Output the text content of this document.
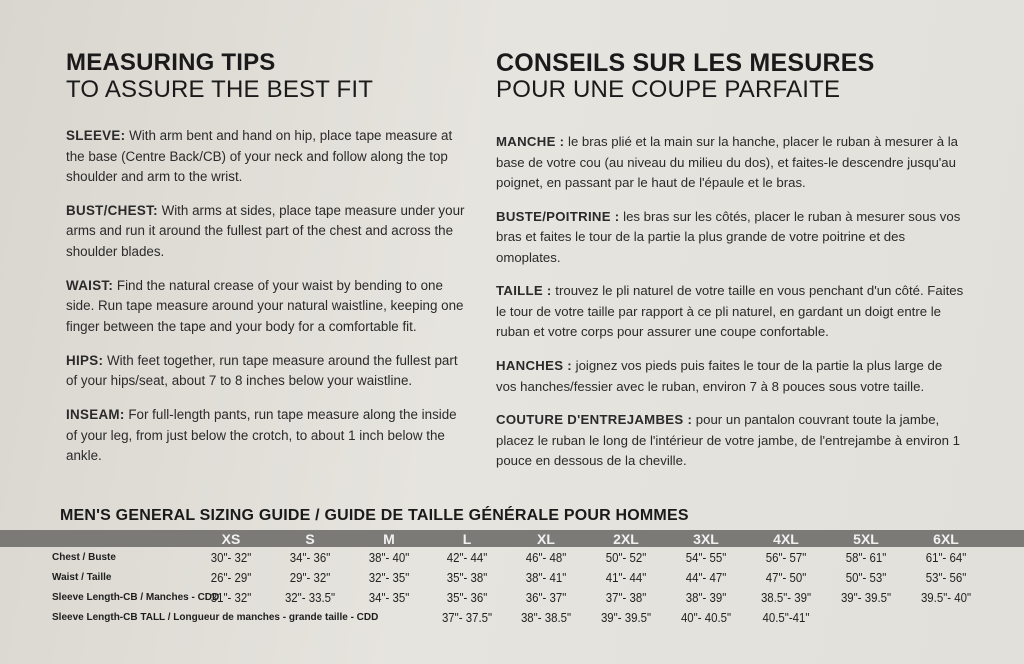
MEASURING TIPS
TO ASSURE THE BEST FIT

SLEEVE: With arm bent and hand on hip, place tape measure at the base (Centre Back/CB) of your neck and follow along the top shoulder and arm to the wrist.

BUST/CHEST: With arms at sides, place tape measure under your arms and run it around the fullest part of the chest and across the shoulder blades.

WAIST: Find the natural crease of your waist by bending to one side. Run tape measure around your natural waistline, keeping one finger between the tape and your body for a comfortable fit.

HIPS: With feet together, run tape measure around the fullest part of your hips/seat, about 7 to 8 inches below your waistline.

INSEAM: For full-length pants, run tape measure along the inside of your leg, from just below the crotch, to about 1 inch below the ankle.

CONSEILS SUR LES MESURES
POUR UNE COUPE PARFAITE

MANCHE : le bras plié et la main sur la hanche, placer le ruban à mesurer à la base de votre cou (au niveau du milieu du dos), et faites-le descendre jusqu'au poignet, en passant par le haut de l'épaule et le bras.

BUSTE/POITRINE : les bras sur les côtés, placer le ruban à mesurer sous vos bras et faites le tour de la partie la plus grande de votre poitrine et des omoplates.

TAILLE : trouvez le pli naturel de votre taille en vous penchant d'un côté. Faites le tour de votre taille par rapport à ce pli naturel, en gardant un doigt entre le ruban et votre corps pour assurer une coupe confortable.

HANCHES : joignez vos pieds puis faites le tour de la partie la plus large de vos hanches/fessier avec le ruban, environ 7 à 8 pouces sous votre taille.

COUTURE D'ENTREJAMBES : pour un pantalon couvrant toute la jambe, placez le ruban le long de l'intérieur de votre jambe, de l'entrejambe à environ 1 pouce en dessous de la cheville.

MEN'S GENERAL SIZING GUIDE / GUIDE DE TAILLE GÉNÉRALE POUR HOMMES
	XS	S	M	L	XL	2XL	3XL	4XL	5XL	6XL	
Chest / Buste	30"- 32"	34"- 36"	38"- 40"	42"- 44"	46"- 48"	50"- 52"	54"- 55"	56"- 57"	58"- 61"	61"- 64"	
Waist / Taille	26"- 29"	29"- 32"	32"- 35"	35"- 38"	38"- 41"	41"- 44"	44"- 47"	47"- 50"	50"- 53"	53"- 56"	
Sleeve Length-CB / Manches - CDD	31"- 32"	32"- 33.5"	34"- 35"	35"- 36"	36"- 37"	37"- 38"	38"- 39"	38.5"- 39"	39"- 39.5"	39.5"- 40"	
Sleeve Length-CB TALL / Longueur de manches - grande taille - CDD				37"- 37.5"	38"- 38.5"	39"- 39.5"	40"- 40.5"	40.5"-41"			
